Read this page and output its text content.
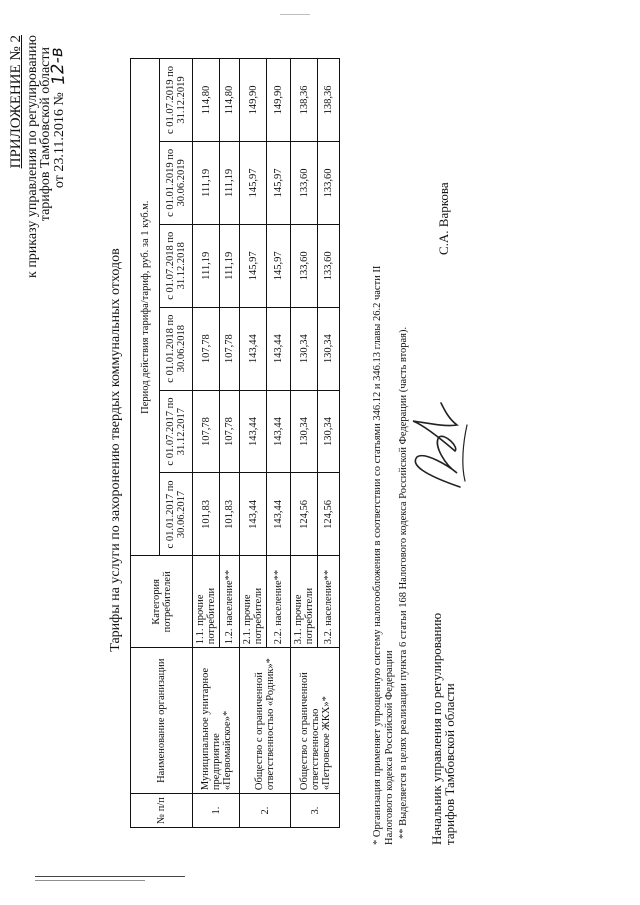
ПРИЛОЖЕНИЕ № 2 к приказу управления по регулированию
тарифов Тамбовской области от 23.11.2016 № 12-в
Тарифы на услуги по захоронению твердых коммунальных отходов
№ п/п	Наименование организации	Категория потребителей	Период действия тарифа/тариф, руб. за 1 куб.м.					
			с 01.01.2017 по 30.06.2017	с 01.07.2017 по 31.12.2017	с 01.01.2018 по 30.06.2018	с 01.07.2018 по 31.12.2018	с 01.01.2019 по 30.06.2019	с 01.07.2019 по 31.12.2019
1.	Муниципальное унитарное предприятие «Первомайское»*	1.1. прочие потребители	101,83	107,78	107,78	111,19	111,19	114,80
		1.2. население**	101,83	107,78	107,78	111,19	111,19	114,80
2.	Общество с ограниченной ответственностью «Родник»*	2.1. прочие потребители	143,44	143,44	143,44	145,97	145,97	149,90
		2.2. население**	143,44	143,44	143,44	145,97	145,97	149,90
3.	Общество с ограниченной ответственностью «Петровское ЖКХ»*	3.1. прочие потребители	124,56	130,34	130,34	133,60	133,60	138,36
		3.2. население**	124,56	130,34	130,34	133,60	133,60	138,36
* Организация применяет упрощенную систему налогообложения в соответствии со статьями 346.12 и 346.13 главы 26.2 части II Налогового кодекса Российской Федерации ** Выделяется в целях реализации пункта 6 статьи 168 Налогового кодекса Российской Федерации (часть вторая). Начальник управления по регулированию
тарифов Тамбовской области
С.А. Варкова
